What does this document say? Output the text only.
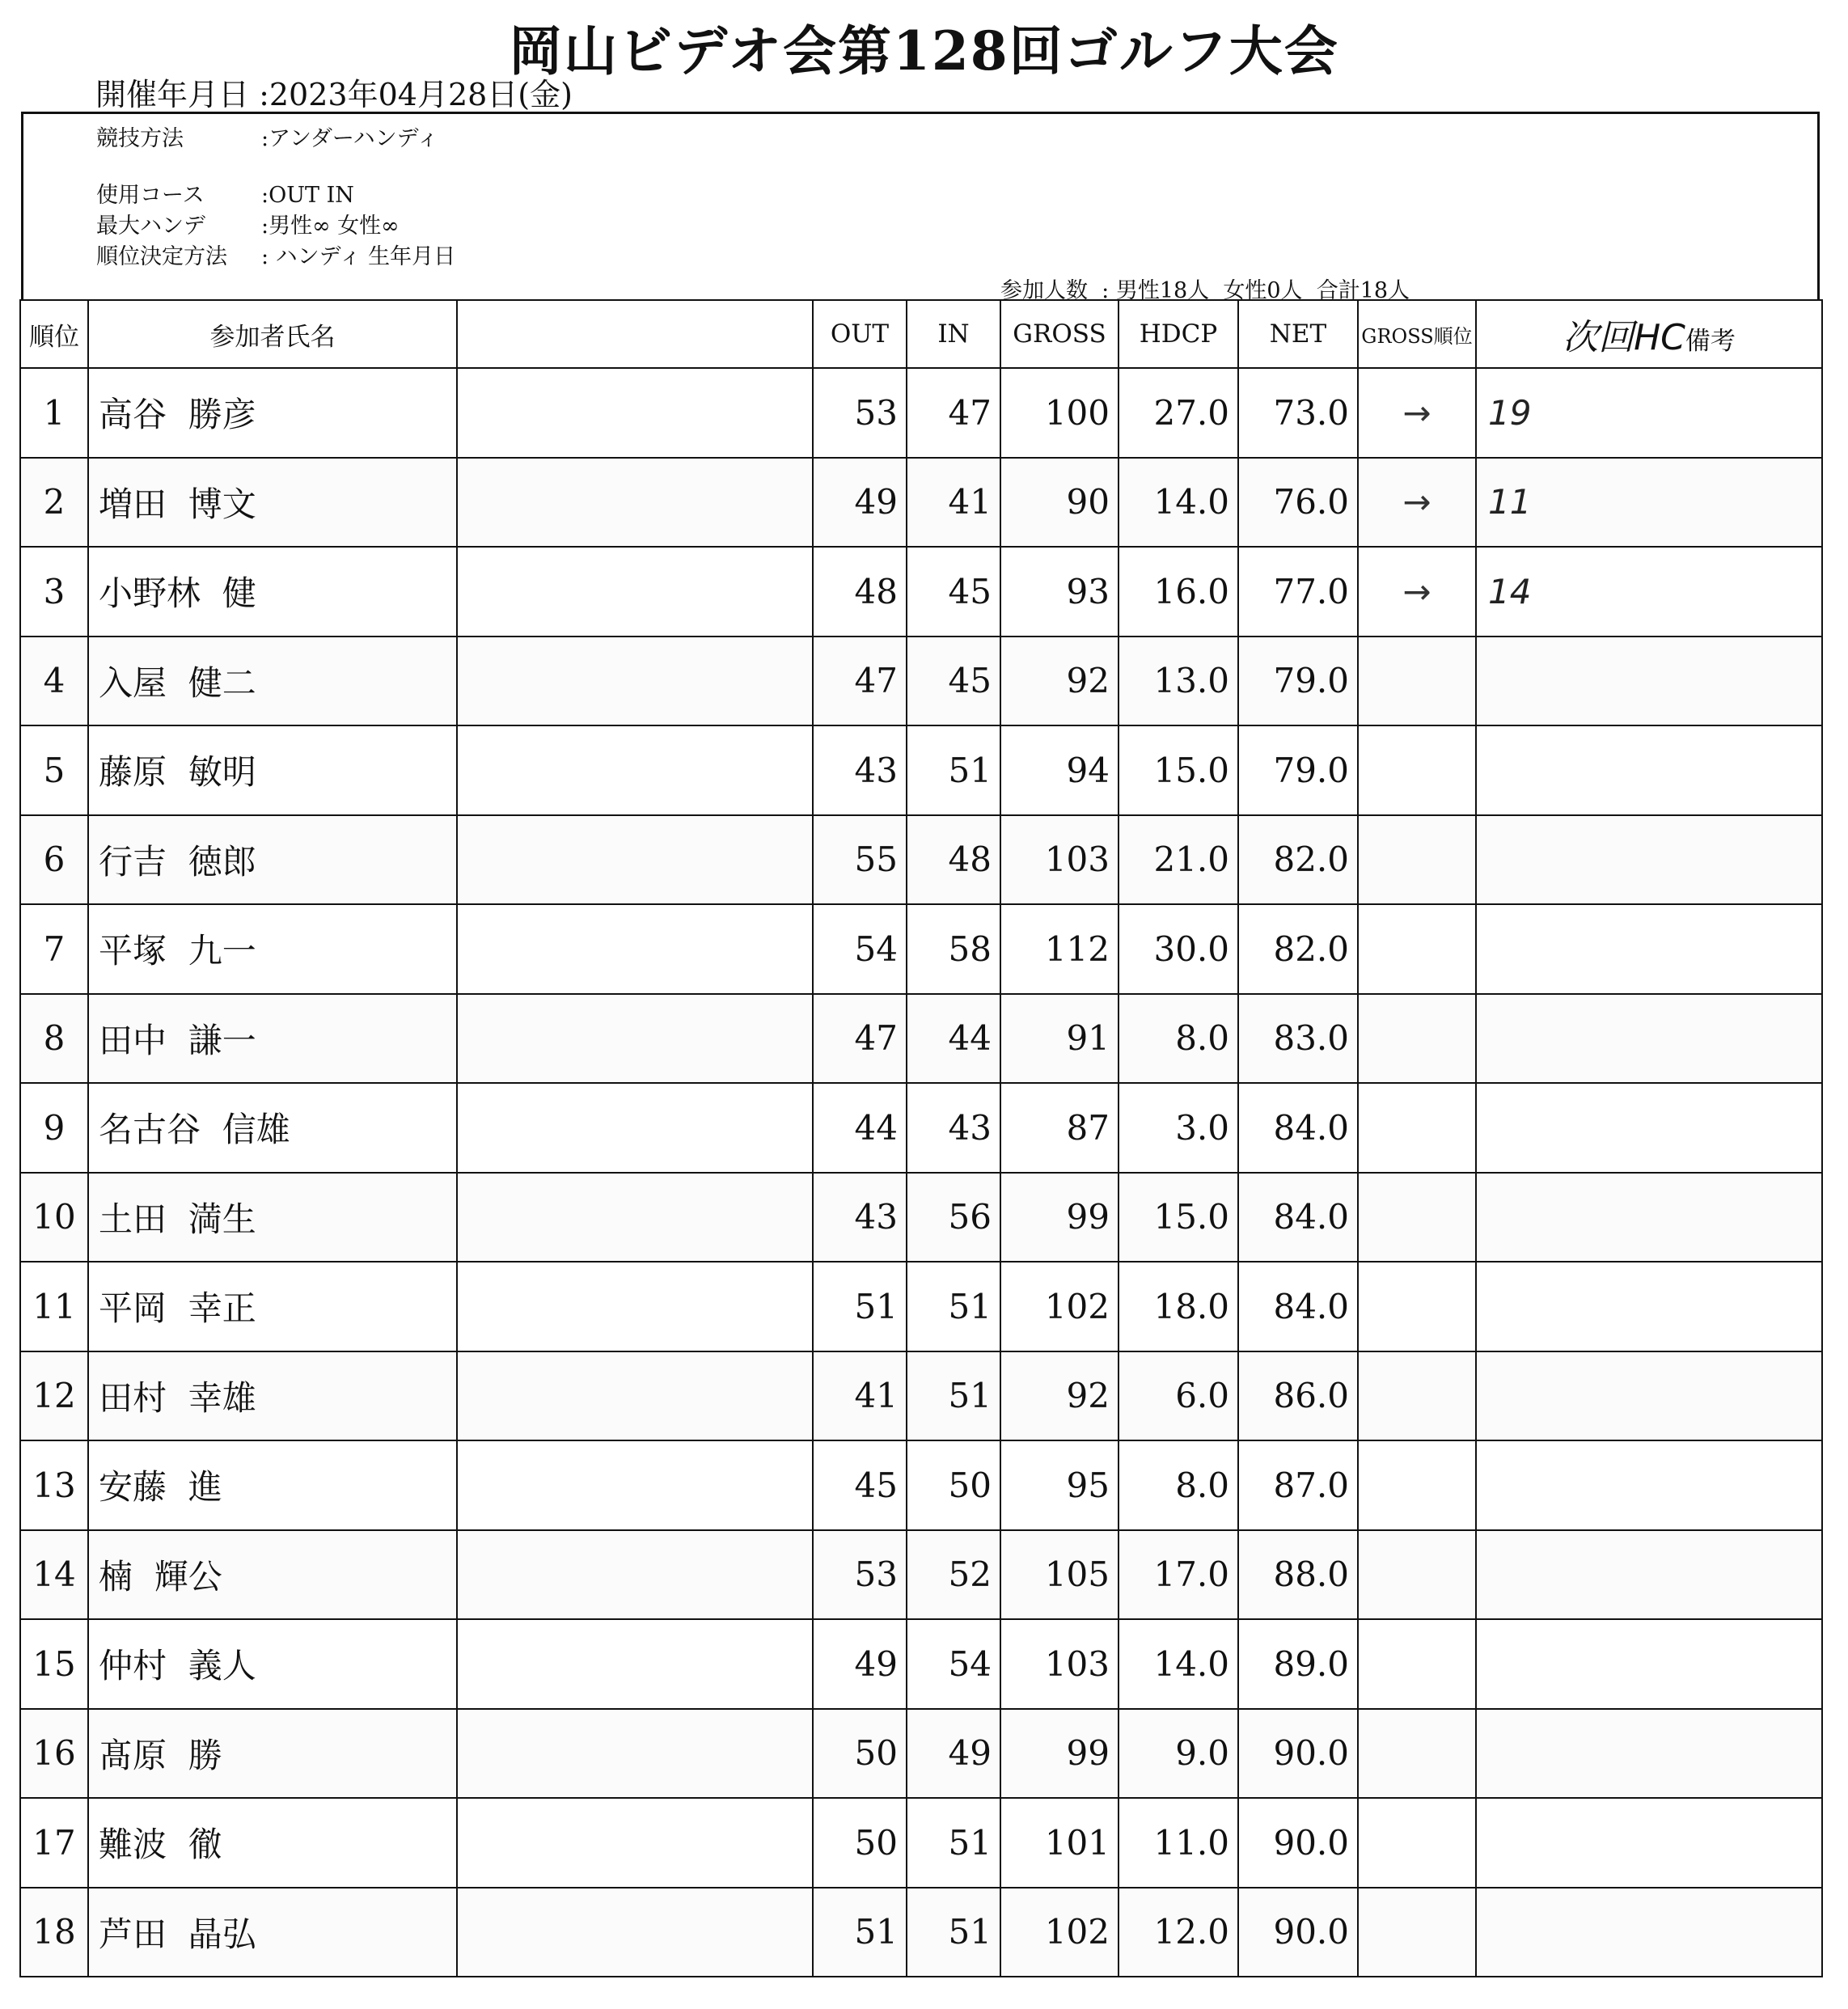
岡山ビデオ会第128回ゴルフ大会
開催年月日 :2023年04月28日(金)
競技方法	:アンダーハンディ
使用コース	:OUT IN
最大ハンデ	:男性∞ 女性∞
順位決定方法 : ハンディ 生年月日
参加人数  : 男性18人  女性0人  合計18人
順位	参加者氏名		OUT	IN	GROSS	HDCP	NET	GROSS順位	次回HC備考
1	高谷  勝彦		53	47	100	27.0	73.0	→	19
2	増田  博文		49	41	90	14.0	76.0	→	11
3	小野林  健		48	45	93	16.0	77.0	→	14
4	入屋  健二		47	45	92	13.0	79.0		
5	藤原  敏明		43	51	94	15.0	79.0		
6	行吉  徳郎		55	48	103	21.0	82.0		
7	平塚  九一		54	58	112	30.0	82.0		
8	田中  謙一		47	44	91	8.0	83.0		
9	名古谷  信雄		44	43	87	3.0	84.0		
10	土田  満生		43	56	99	15.0	84.0		
11	平岡  幸正		51	51	102	18.0	84.0		
12	田村  幸雄		41	51	92	6.0	86.0		
13	安藤  進		45	50	95	8.0	87.0		
14	楠  輝公		53	52	105	17.0	88.0		
15	仲村  義人		49	54	103	14.0	89.0		
16	髙原  勝		50	49	99	9.0	90.0		
17	難波  徹		50	51	101	11.0	90.0		
18	芦田  晶弘		51	51	102	12.0	90.0		
